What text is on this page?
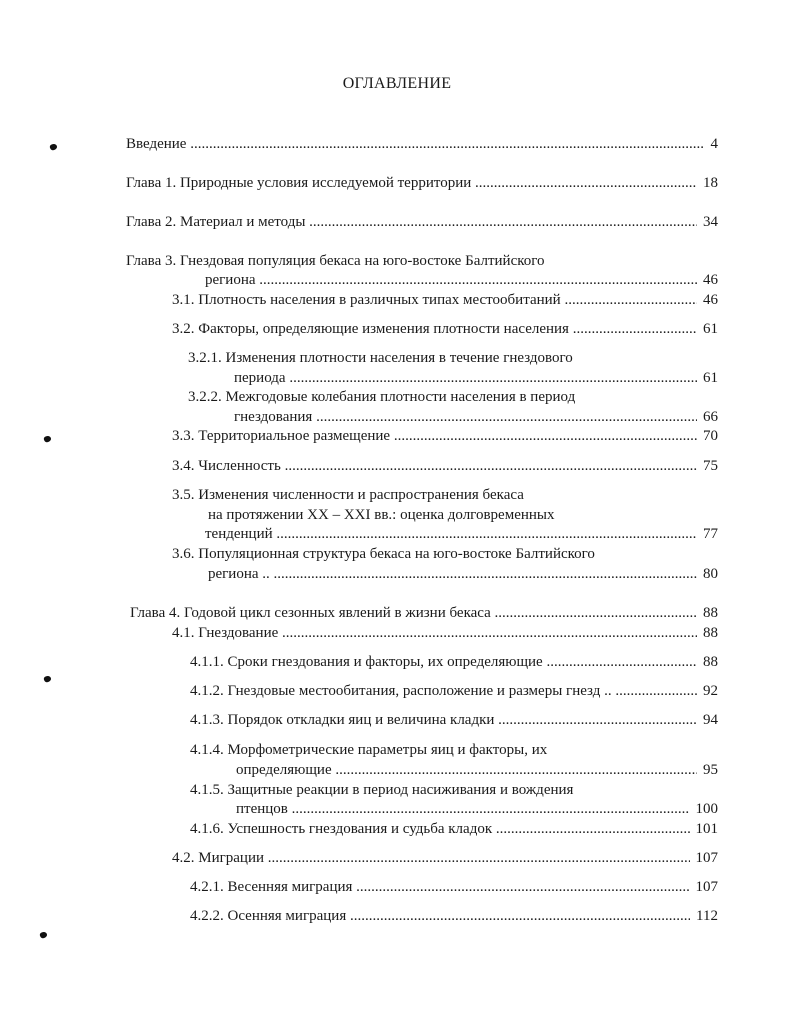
ОГЛАВЛЕНИЕ
Введение	4
.....
Глава 1. Природные условия исследуемой территории	18
.....
Глава 2. Материал и методы	34
.....
Глава 3. Гнездовая популяция бекаса на юго-востоке Балтийского
региона	46
.....
3.1. Плотность населения в различных типах местообитаний	46
.....
3.2. Факторы, определяющие изменения плотности населения	61
.....
3.2.1. Изменения плотности населения в течение гнездового
периода	61
.....
3.2.2. Межгодовые колебания плотности населения в период
гнездования	66
.....
3.3. Территориальное размещение	70
.....
3.4. Численность	75
.....
3.5. Изменения численности и распространения бекаса
на протяжении XX – XXI вв.: оценка долговременных
тенденций	77
.....
3.6. Популяционная структура бекаса на юго-востоке Балтийского
региона ..	80
.....
Глава 4. Годовой цикл сезонных явлений в жизни бекаса	88
.....
4.1. Гнездование	88
.....
4.1.1. Сроки гнездования и факторы, их определяющие	88
.....
4.1.2. Гнездовые местообитания, расположение и размеры гнезд ..	92
.....
4.1.3. Порядок откладки яиц и величина кладки	94
.....
4.1.4. Морфометрические параметры яиц и факторы, их
определяющие	95
.....
4.1.5. Защитные реакции в период насиживания и вождения
птенцов	100
.....
4.1.6. Успешность гнездования и судьба кладок	101
.....
4.2. Миграции	107
.....
4.2.1. Весенняя миграция	107
.....
4.2.2. Осенняя миграция	112
.....
